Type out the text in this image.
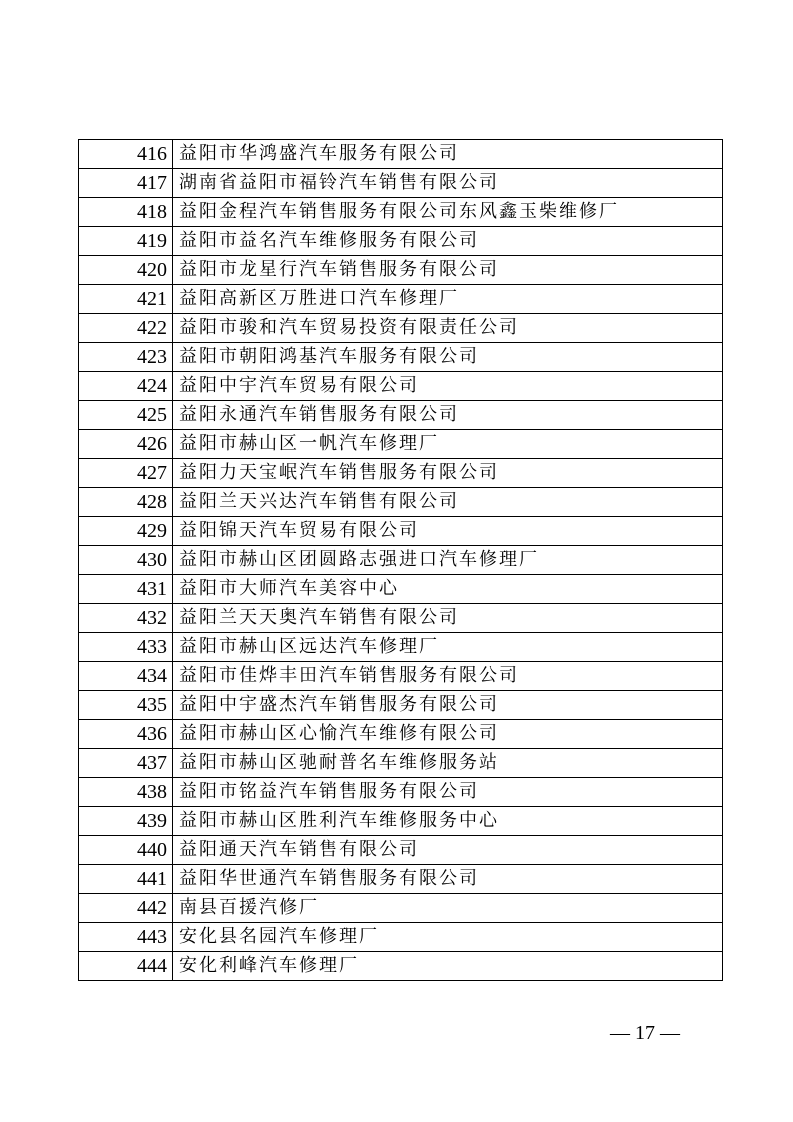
416	益阳市华鸿盛汽车服务有限公司
417	湖南省益阳市福铃汽车销售有限公司
418	益阳金程汽车销售服务有限公司东风鑫玉柴维修厂
419	益阳市益名汽车维修服务有限公司
420	益阳市龙星行汽车销售服务有限公司
421	益阳高新区万胜进口汽车修理厂
422	益阳市骏和汽车贸易投资有限责任公司
423	益阳市朝阳鸿基汽车服务有限公司
424	益阳中宇汽车贸易有限公司
425	益阳永通汽车销售服务有限公司
426	益阳市赫山区一帆汽车修理厂
427	益阳力天宝岷汽车销售服务有限公司
428	益阳兰天兴达汽车销售有限公司
429	益阳锦天汽车贸易有限公司
430	益阳市赫山区团圆路志强进口汽车修理厂
431	益阳市大师汽车美容中心
432	益阳兰天天奥汽车销售有限公司
433	益阳市赫山区远达汽车修理厂
434	益阳市佳烨丰田汽车销售服务有限公司
435	益阳中宇盛杰汽车销售服务有限公司
436	益阳市赫山区心愉汽车维修有限公司
437	益阳市赫山区驰耐普名车维修服务站
438	益阳市铭益汽车销售服务有限公司
439	益阳市赫山区胜利汽车维修服务中心
440	益阳通天汽车销售有限公司
441	益阳华世通汽车销售服务有限公司
442	南县百援汽修厂
443	安化县名园汽车修理厂
444	安化利峰汽车修理厂
— 17 —
